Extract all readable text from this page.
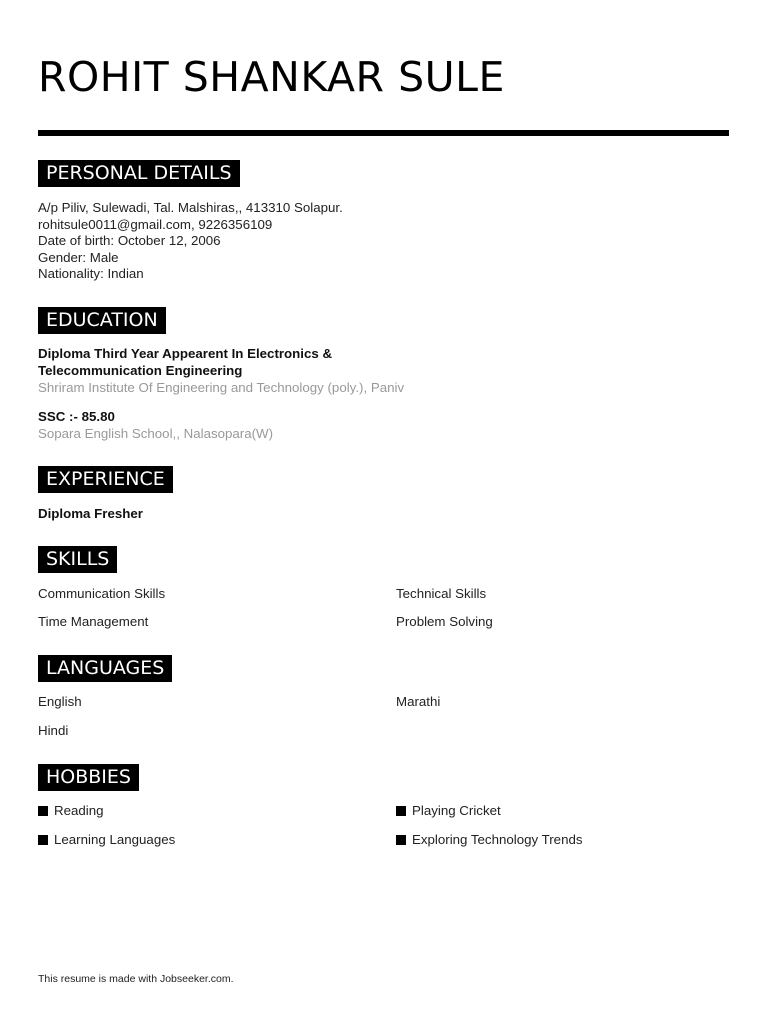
ROHIT SHANKAR SULE
PERSONAL DETAILS
A/p Piliv, Sulewadi, Tal. Malshiras,, 413310 Solapur.
rohitsule0011@gmail.com, 9226356109
Date of birth: October 12, 2006
Gender: Male
Nationality: Indian
EDUCATION
Diploma Third Year Appearent In Electronics &
Telecommunication Engineering
Shriram Institute Of Engineering and Technology (poly.), Paniv
SSC :- 85.80
Sopara English School,, Nalasopara(W)
EXPERIENCE
Diploma Fresher
SKILLS
Communication Skills	Technical Skills
Time Management	Problem Solving
LANGUAGES
English	Marathi
Hindi
HOBBIES
Reading	Playing Cricket
Learning Languages	Exploring Technology Trends
This resume is made with Jobseeker.com.
